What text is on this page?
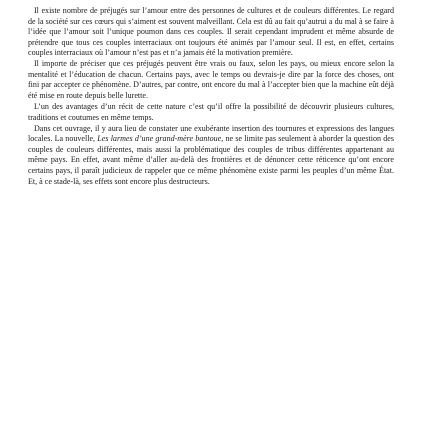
Il existe nombre de préjugés sur l’amour entre des personnes de cultures et de couleurs différentes. Le regard de la société sur ces cœurs qui s’aiment est souvent malveillant. Cela est dû au fait qu’autrui a du mal à se faire à l’idée que l’amour soit l’unique poumon dans ces couples. Il serait cependant imprudent et même absurde de prétendre que tous ces couples interraciaux ont toujours été animés par l’amour seul. Il est, en effet, certains couples interraciaux où l’amour n’est pas et n’a jamais été la motivation première.

Il importe de préciser que ces préjugés peuvent être vrais ou faux, selon les pays, ou mieux encore selon la mentalité et l’éducation de chacun. Certains pays, avec le temps ou devrais-je dire par la force des choses, ont fini par accepter ce phénomène. D’autres, par contre, ont encore du mal à l’accepter bien que la machine eût déjà été mise en route depuis belle lurette.

L’un des avantages d’un récit de cette nature c’est qu’il offre la possibilité de découvrir plusieurs cultures, traditions et coutumes en même temps.

Dans cet ouvrage, il y aura lieu de constater une exubérante insertion des tournures et expressions des langues locales. La nouvelle, Les larmes d’une grand-mère bantoue, ne se limite pas seulement à aborder la question des couples de couleurs différentes, mais aussi la problématique des couples de tribus différentes appartenant au même pays. En effet, avant même d’aller au-delà des frontières et de dénoncer cette réticence qu’ont encore certains pays, il paraît judicieux de rappeler que ce même phénomène existe parmi les peuples d’un même État. Et, à ce stade-là, ses effets sont encore plus destructeurs.
